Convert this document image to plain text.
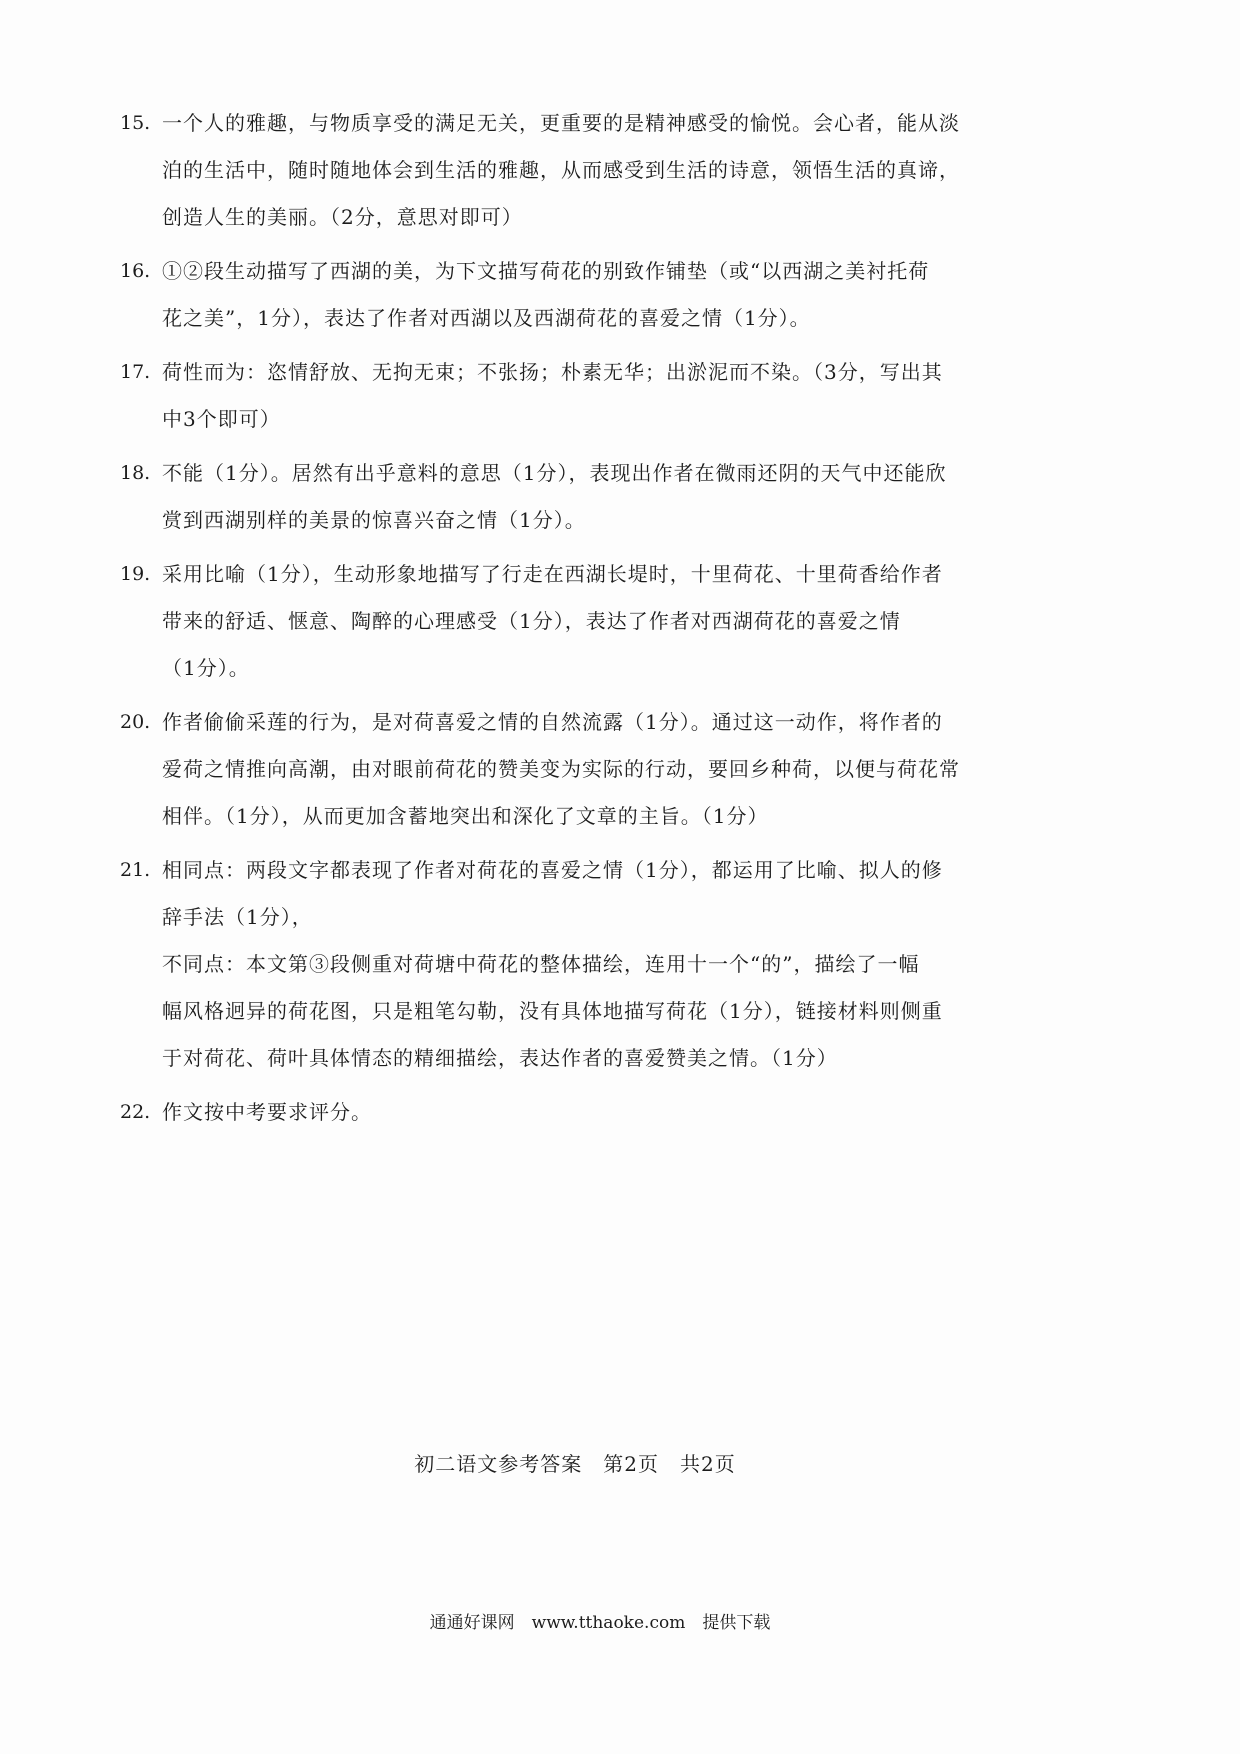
15. 一个人的雅趣，与物质享受的满足无关，更重要的是精神感受的愉悦。会心者，能从淡
泊的生活中，随时随地体会到生活的雅趣，从而感受到生活的诗意，领悟生活的真谛，
创造人生的美丽。（2分，意思对即可）
16. ①②段生动描写了西湖的美，为下文描写荷花的别致作铺垫（或“以西湖之美衬托荷
花之美”，1分），表达了作者对西湖以及西湖荷花的喜爱之情（1分）。
17. 荷性而为：恣情舒放、无拘无束；不张扬；朴素无华；出淤泥而不染。（3分，写出其
中3个即可）
18. 不能（1分）。居然有出乎意料的意思（1分），表现出作者在微雨还阴的天气中还能欣
赏到西湖别样的美景的惊喜兴奋之情（1分）。
19. 采用比喻（1分），生动形象地描写了行走在西湖长堤时，十里荷花、十里荷香给作者
带来的舒适、惬意、陶醉的心理感受（1分），表达了作者对西湖荷花的喜爱之情
（1分）。
20. 作者偷偷采莲的行为，是对荷喜爱之情的自然流露（1分）。通过这一动作，将作者的
爱荷之情推向高潮，由对眼前荷花的赞美变为实际的行动，要回乡种荷，以便与荷花常
相伴。（1分），从而更加含蓄地突出和深化了文章的主旨。（1分）
21. 相同点：两段文字都表现了作者对荷花的喜爱之情（1分），都运用了比喻、拟人的修
辞手法（1分），
不同点：本文第③段侧重对荷塘中荷花的整体描绘，连用十一个“的”，描绘了一幅
幅风格迥异的荷花图，只是粗笔勾勒，没有具体地描写荷花（1分），链接材料则侧重
于对荷花、荷叶具体情态的精细描绘，表达作者的喜爱赞美之情。（1分）
22. 作文按中考要求评分。
初二语文参考答案　第2页　共2页
通通好课网　www.tthaoke.com　提供下载
